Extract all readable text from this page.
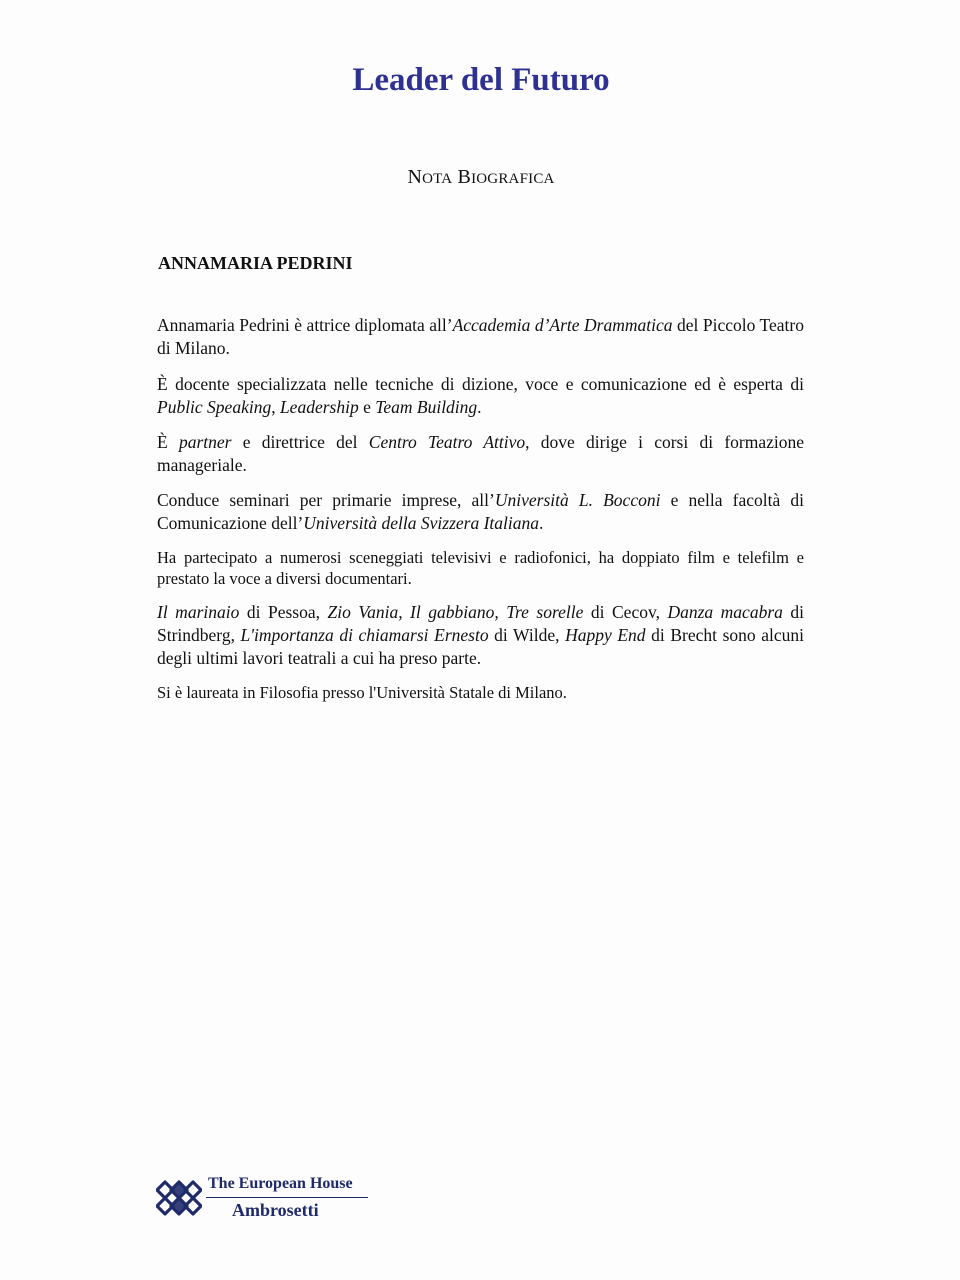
Leader del Futuro
NOTA BIOGRAFICA
ANNAMARIA PEDRINI

Annamaria Pedrini è attrice diplomata all’Accademia d’Arte Drammatica del Piccolo Teatro di Milano.

È docente specializzata nelle tecniche di dizione, voce e comunicazione ed è esperta di Public Speaking, Leadership e Team Building.

È partner e direttrice del Centro Teatro Attivo, dove dirige i corsi di formazione manageriale.

Conduce seminari per primarie imprese, all’Università L. Bocconi e nella facoltà di Comunicazione dell’Università della Svizzera Italiana.

Ha partecipato a numerosi sceneggiati televisivi e radiofonici, ha doppiato film e telefilm e prestato la voce a diversi documentari.

Il marinaio di Pessoa, Zio Vania, Il gabbiano, Tre sorelle di Cecov, Danza macabra di Strindberg, L'importanza di chiamarsi Ernesto di Wilde, Happy End di Brecht sono alcuni degli ultimi lavori teatrali a cui ha preso parte.

Si è laureata in Filosofia presso l'Università Statale di Milano.

The European House
Ambrosetti
